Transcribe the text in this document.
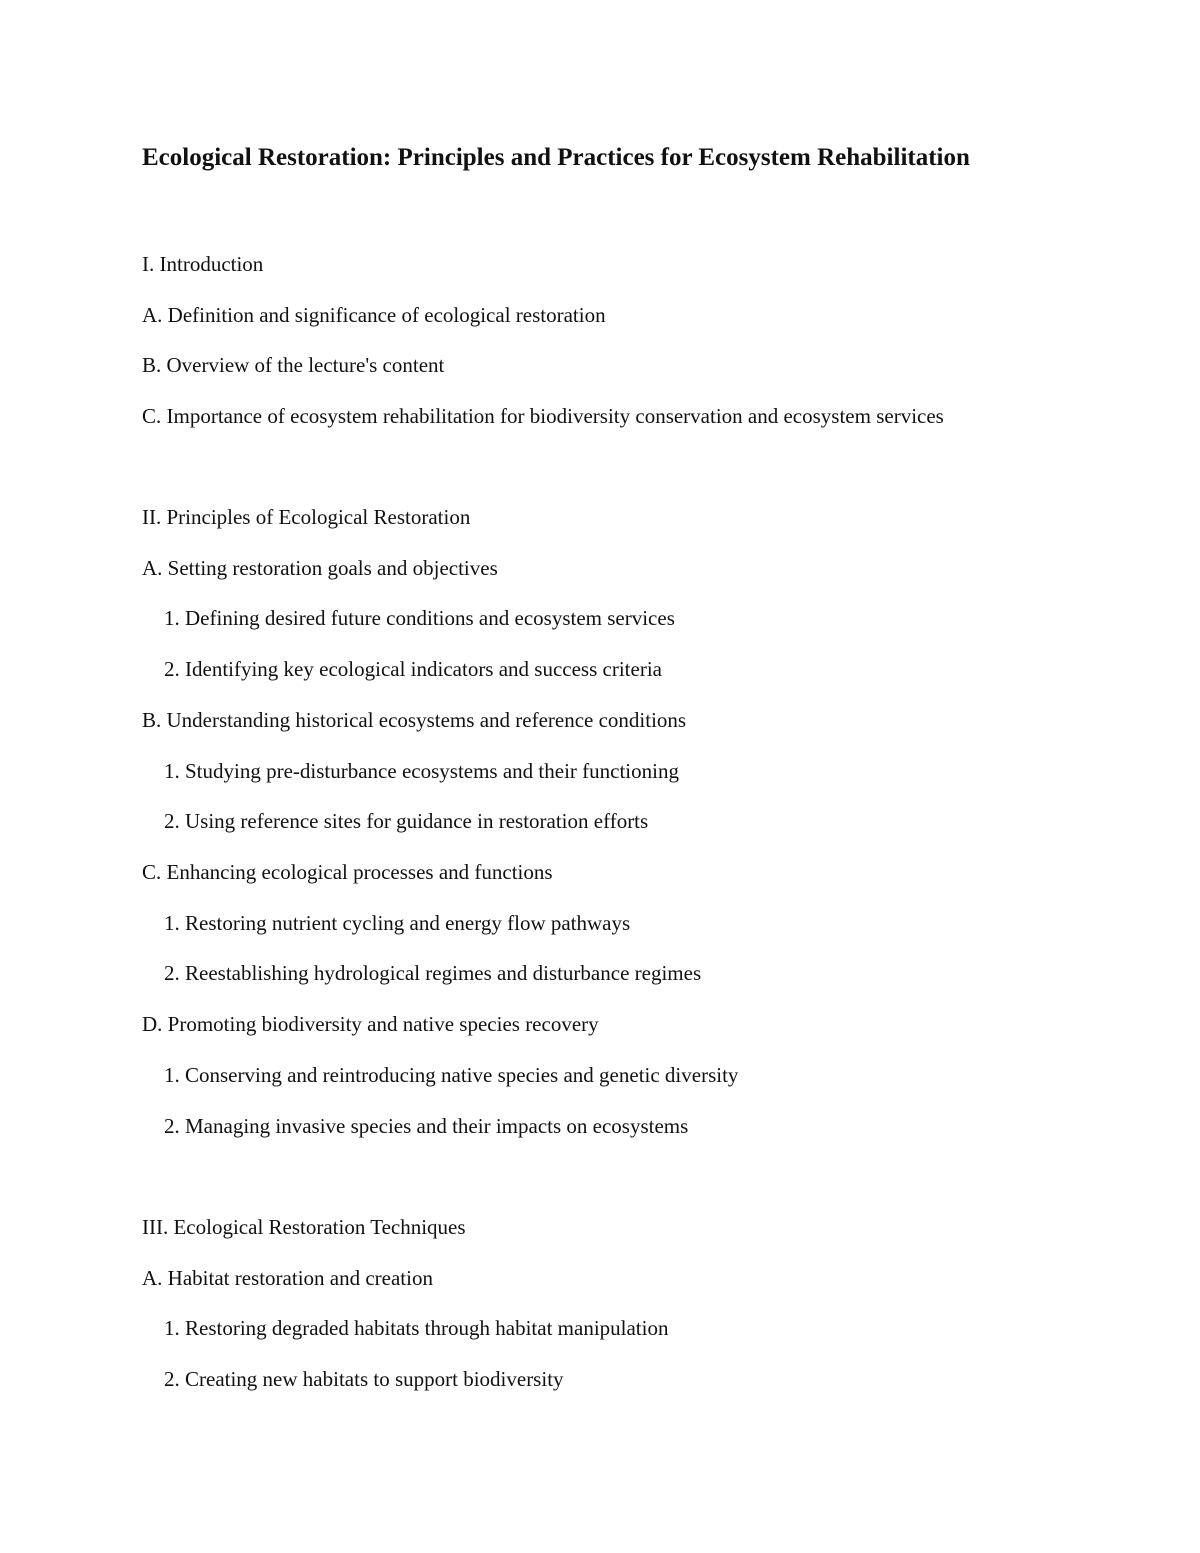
Ecological Restoration: Principles and Practices for Ecosystem Rehabilitation

I. Introduction

A. Definition and significance of ecological restoration

B. Overview of the lecture's content

C. Importance of ecosystem rehabilitation for biodiversity conservation and ecosystem services

II. Principles of Ecological Restoration

A. Setting restoration goals and objectives

1. Defining desired future conditions and ecosystem services

2. Identifying key ecological indicators and success criteria

B. Understanding historical ecosystems and reference conditions

1. Studying pre-disturbance ecosystems and their functioning

2. Using reference sites for guidance in restoration efforts

C. Enhancing ecological processes and functions

1. Restoring nutrient cycling and energy flow pathways

2. Reestablishing hydrological regimes and disturbance regimes

D. Promoting biodiversity and native species recovery

1. Conserving and reintroducing native species and genetic diversity

2. Managing invasive species and their impacts on ecosystems

III. Ecological Restoration Techniques

A. Habitat restoration and creation

1. Restoring degraded habitats through habitat manipulation

2. Creating new habitats to support biodiversity
